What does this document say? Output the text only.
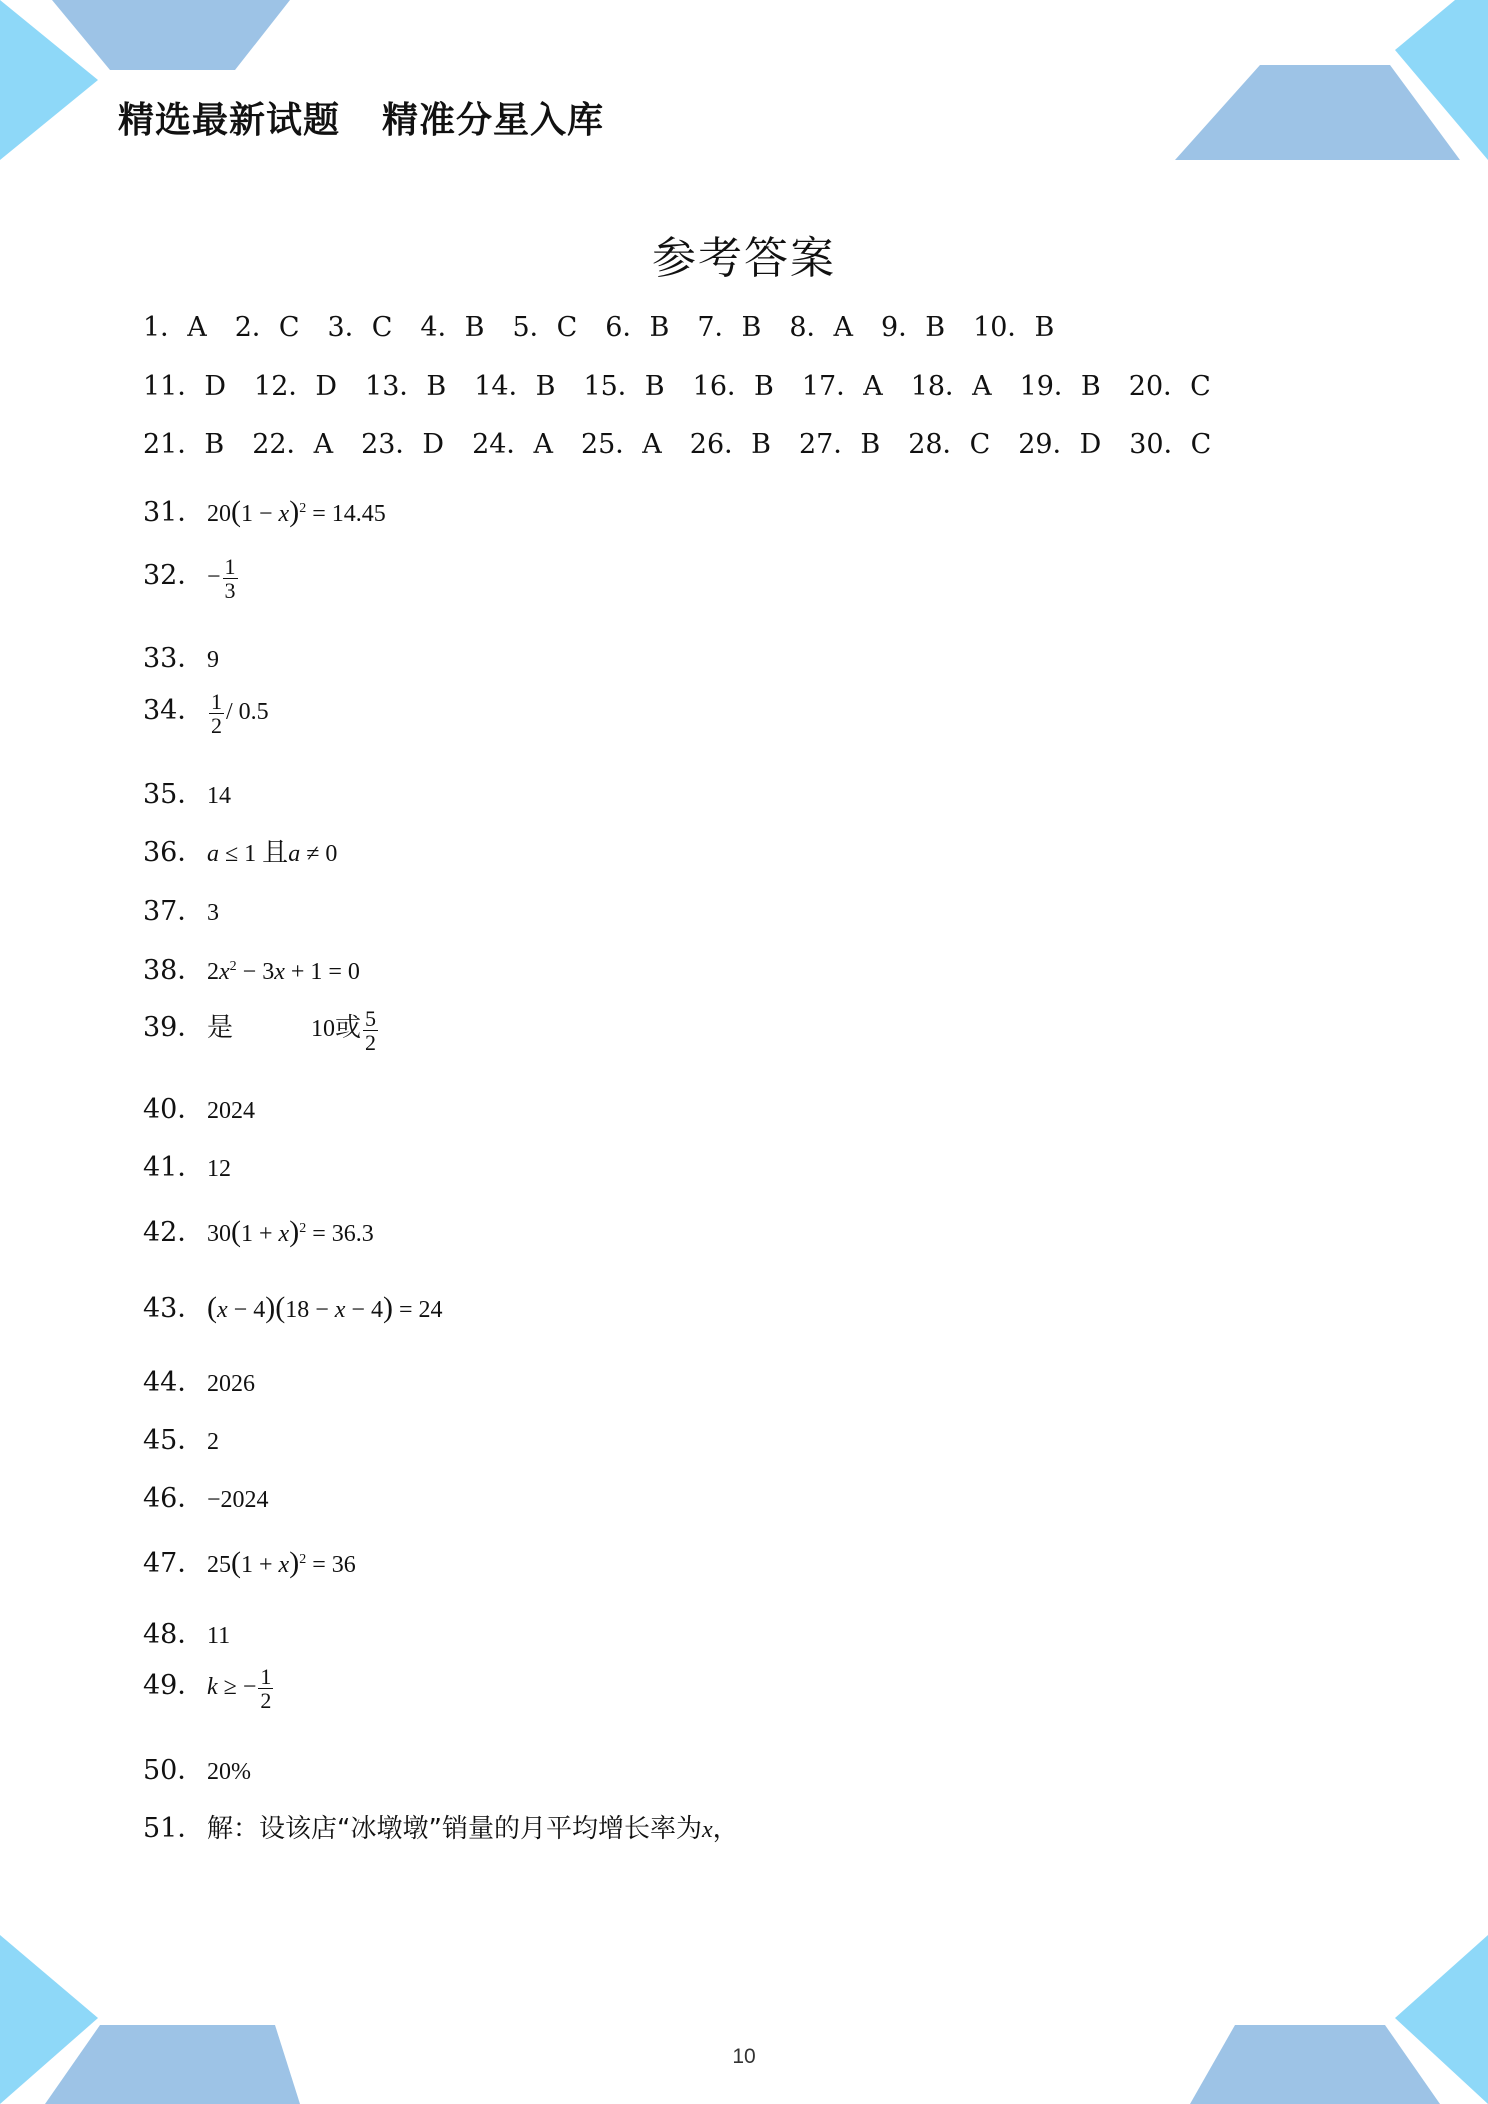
精选最新试题 精准分星入库
参考答案
1．A 2．C 3．C 4．B 5．C 6．B 7．B 8．A 9．B 10．B
11．D 12．D 13．B 14．B 15．B 16．B 17．A 18．A 19．B 20．C
21．B 22．A 23．D 24．A 25．A 26．B 27．B 28．C 29．D 30．C
31． $20(1 - x)^2 = 14.45$
32． − $\frac{1}{3}$
33． 9
34． $\frac{1}{2} / 0.5$
35． 14
36． a ≤ 1 且a ≠ 0
37． 3
38． $2x^2 - 3x + 1 = 0$
39． 是	10或 $\frac{5}{2}$
40． 2024
41． 12
42． $30(1 + x)^2 = 36.3$
43．(x − 4)(18 − x − 4) = 24
44． 2026
45． 2
46． −2024
47． $25(1 + x)^2 = 36$
48． 11
49． k ≥ − $\frac{1}{2}$
50． 20%
51． 解：设该店“冰墩墩”销量的月平均增长率为x，
10
